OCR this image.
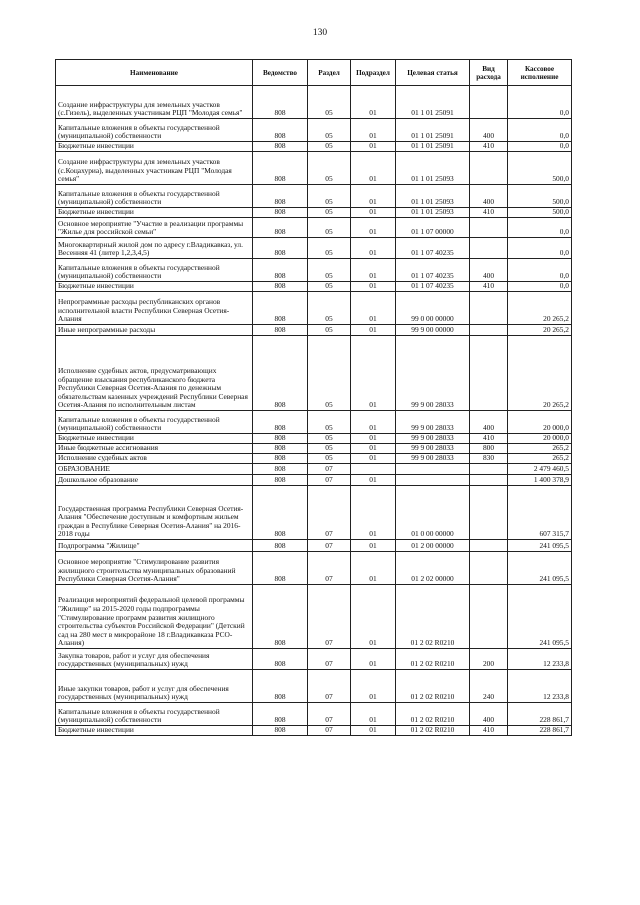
130
Наименование	Ведомство	Раздел	Подраздел	Целевая статья	Вид расхода	Кассовое исполнение
Создание инфраструктуры для земельных участков (с.Гизель), выделенных участникам РЦП "Молодая семья"	808	05	01	01 1 01 25091		0,0
Капитальные вложения в объекты государственной (муниципальной) собственности	808	05	01	01 1 01 25091	400	0,0
Бюджетные инвестиции	808	05	01	01 1 01 25091	410	0,0
Создание инфраструктуры для земельных участков (с.Коцахуриа), выделенных участникам РЦП "Молодая семья"	808	05	01	01 1 01 25093		500,0
Капитальные вложения в объекты государственной (муниципальной) собственности	808	05	01	01 1 01 25093	400	500,0
Бюджетные инвестиции	808	05	01	01 1 01 25093	410	500,0
Основное мероприятие "Участие в реализации программы "Жилье для российской семьи"	808	05	01	01 1 07 00000		0,0
Многоквартирный жилой дом по адресу г.Владикавказ, ул. Весенняя 41 (литер 1,2,3,4,5)	808	05	01	01 1 07 40235		0,0
Капитальные вложения в объекты государственной (муниципальной) собственности	808	05	01	01 1 07 40235	400	0,0
Бюджетные инвестиции	808	05	01	01 1 07 40235	410	0,0
Непрограммные расходы республиканских органов исполнительной власти Республики Северная Осетия-Алания	808	05	01	99 0 00 00000		20 265,2
Иные непрограммные расходы	808	05	01	99 9 00 00000		20 265,2
Исполнение судебных актов, предусматривающих обращение взыскания республиканского бюджета Республики Северная Осетия-Алания по денежным обязательствам казенных учреждений Республики Северная Осетия-Алания по исполнительным листам	808	05	01	99 9 00 28033		20 265,2
Капитальные вложения в объекты государственной (муниципальной) собственности	808	05	01	99 9 00 28033	400	20 000,0
Бюджетные инвестиции	808	05	01	99 9 00 28033	410	20 000,0
Иные бюджетные ассигнования	808	05	01	99 9 00 28033	800	265,2
Исполнение судебных актов	808	05	01	99 9 00 28033	830	265,2
ОБРАЗОВАНИЕ	808	07				2 479 460,5
Дошкольное образование	808	07	01			1 400 378,9
Государственная программа Республики Северная Осетия-Алания "Обеспечение доступным и комфортным жильем граждан в Республике Северная Осетия-Алания" на 2016-2018 годы	808	07	01	01 0 00 00000		607 315,7
Подпрограмма "Жилище"	808	07	01	01 2 00 00000		241 095,5
Основное мероприятие "Стимулирование развития жилищного строительства муниципальных образований Республики Северная Осетия-Алания"	808	07	01	01 2 02 00000		241 095,5
Реализация мероприятий федеральной целевой программы "Жилище" на 2015-2020 годы подпрограммы "Стимулирование программ развития жилищного строительства субъектов Российской Федерации" (Детский сад на 280 мест в микрорайоне 18 г.Владикавказа РСО-Алания)	808	07	01	01 2 02 R0210		241 095,5
Закупка товаров, работ и услуг для обеспечения государственных (муниципальных) нужд	808	07	01	01 2 02 R0210	200	12 233,8
Иные закупки товаров, работ и услуг для обеспечения государственных (муниципальных) нужд	808	07	01	01 2 02 R0210	240	12 233,8
Капитальные вложения в объекты государственной (муниципальной) собственности	808	07	01	01 2 02 R0210	400	228 861,7
Бюджетные инвестиции	808	07	01	01 2 02 R0210	410	228 861,7
